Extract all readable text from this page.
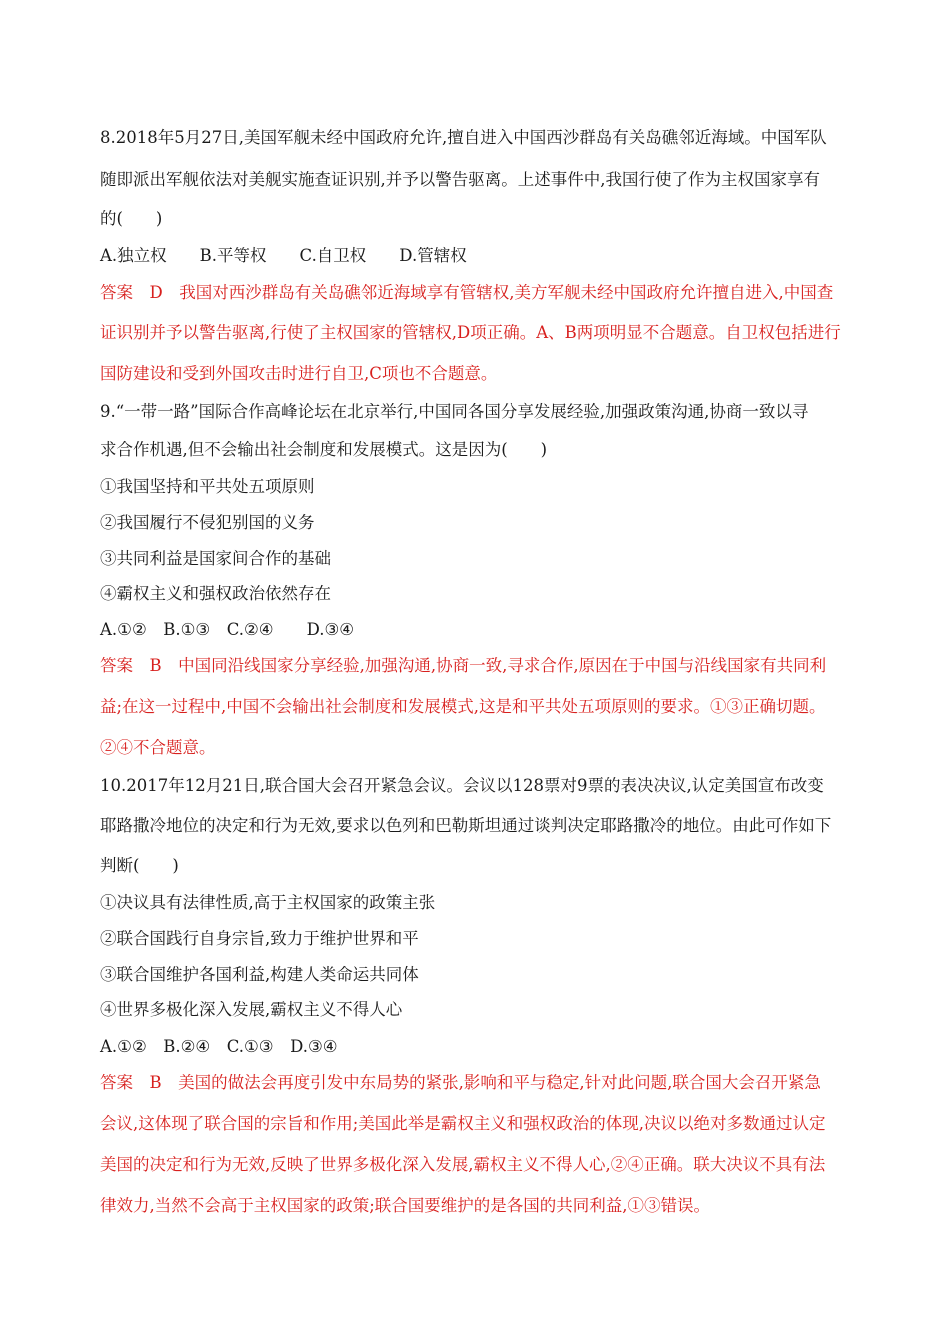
8.2018年5月27日,美国军舰未经中国政府允许,擅自进入中国西沙群岛有关岛礁邻近海域。中国军队
随即派出军舰依法对美舰实施查证识别,并予以警告驱离。上述事件中,我国行使了作为主权国家享有
的(　　)
A.独立权　　B.平等权　　C.自卫权　　D.管辖权
答案　D　我国对西沙群岛有关岛礁邻近海域享有管辖权,美方军舰未经中国政府允许擅自进入,中国查
证识别并予以警告驱离,行使了主权国家的管辖权,D项正确。A、B两项明显不合题意。自卫权包括进行
国防建设和受到外国攻击时进行自卫,C项也不合题意。
9.“一带一路”国际合作高峰论坛在北京举行,中国同各国分享发展经验,加强政策沟通,协商一致以寻
求合作机遇,但不会输出社会制度和发展模式。这是因为(　　)
①我国坚持和平共处五项原则
②我国履行不侵犯别国的义务
③共同利益是国家间合作的基础
④霸权主义和强权政治依然存在
A.①②　B.①③　C.②④　　D.③④
答案　B　中国同沿线国家分享经验,加强沟通,协商一致,寻求合作,原因在于中国与沿线国家有共同利
益;在这一过程中,中国不会输出社会制度和发展模式,这是和平共处五项原则的要求。①③正确切题。
②④不合题意。
10.2017年12月21日,联合国大会召开紧急会议。会议以128票对9票的表决决议,认定美国宣布改变
耶路撒冷地位的决定和行为无效,要求以色列和巴勒斯坦通过谈判决定耶路撒冷的地位。由此可作如下
判断(　　)
①决议具有法律性质,高于主权国家的政策主张
②联合国践行自身宗旨,致力于维护世界和平
③联合国维护各国利益,构建人类命运共同体
④世界多极化深入发展,霸权主义不得人心
A.①②　B.②④　C.①③　D.③④
答案　B　美国的做法会再度引发中东局势的紧张,影响和平与稳定,针对此问题,联合国大会召开紧急
会议,这体现了联合国的宗旨和作用;美国此举是霸权主义和强权政治的体现,决议以绝对多数通过认定
美国的决定和行为无效,反映了世界多极化深入发展,霸权主义不得人心,②④正确。联大决议不具有法
律效力,当然不会高于主权国家的政策;联合国要维护的是各国的共同利益,①③错误。
